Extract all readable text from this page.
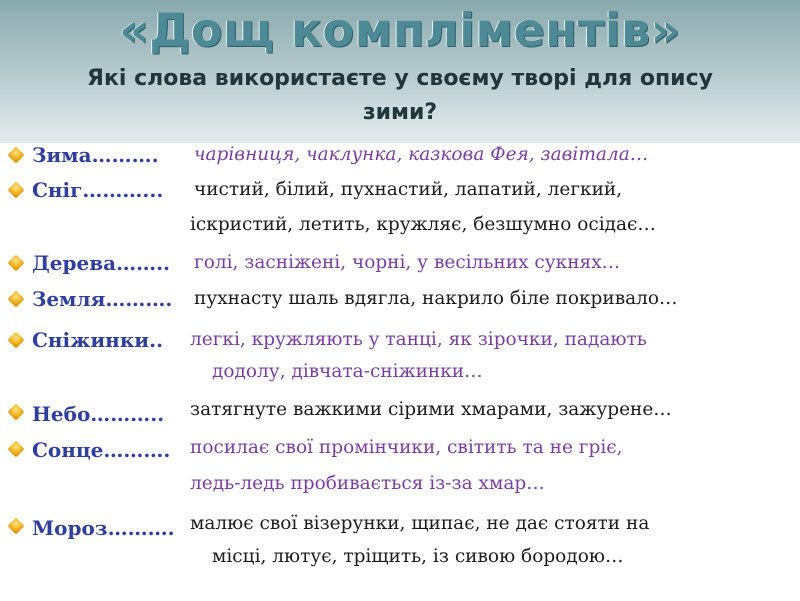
«Дощ компліментів»
Які слова використаєте у своєму творі для опису
зими?
Зима………. чарівниця, чаклунка, казкова Фея, завітала…
Сніг………... чистий, білий, пухнастий, лапатий, легкий,
іскристий, летить, кружляє, безшумно осідає…
Дерева…….. голі, засніжені, чорні, у весільних сукнях…
Земля………. пухнасту шаль вдягла, накрило біле покривало…
Сніжинки.. легкі, кружляють у танці, як зірочки, падають
додолу, дівчата-сніжинки…
Небо……….. затягнуте важкими сірими хмарами, зажурене…
Сонце………. посилає свої промінчики, світить та не гріє,
ледь-ледь пробивається із-за хмар…
Мороз………. малює свої візерунки, щипає, не дає стояти на
місці, лютує, тріщить, із сивою бородою…
